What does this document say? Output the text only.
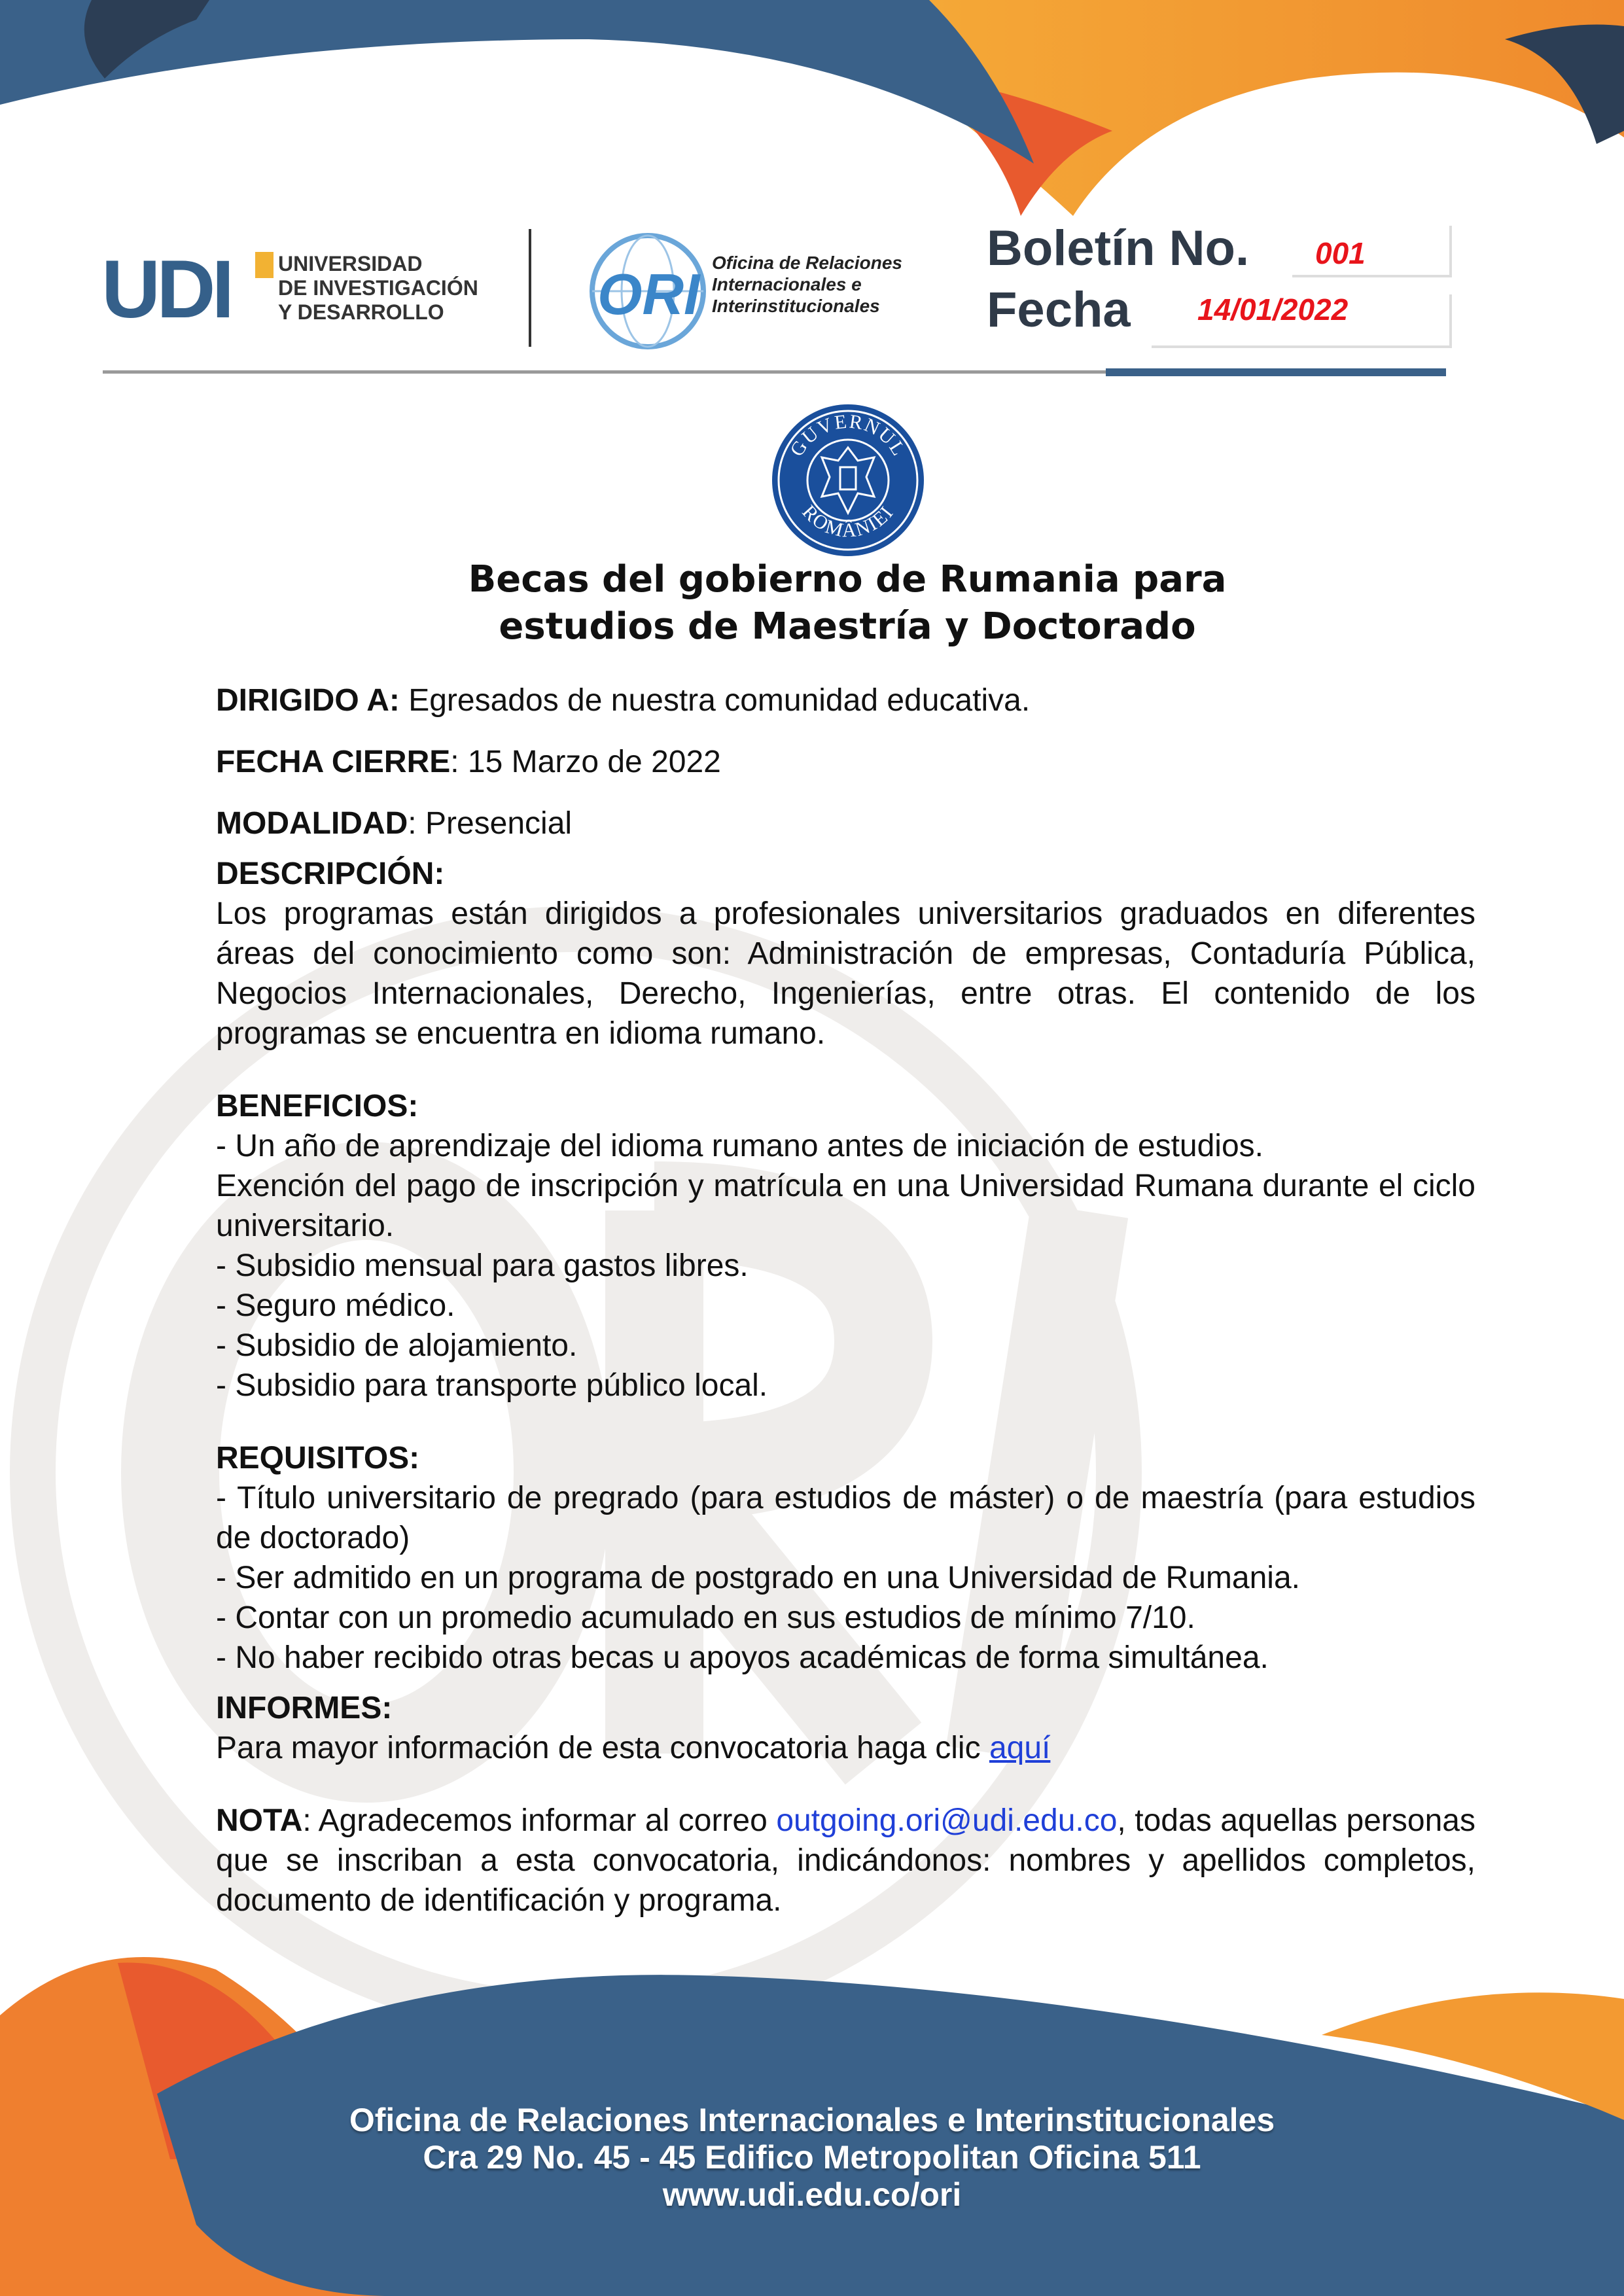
UDI UNIVERSIDAD
DE INVESTIGACIÓN
Y DESARROLLO	ORI Oficina de Relaciones
Internacionales e
Interinstitucionales
Boletín No. 001
Fecha 14/01/2022
GUVERNUL
ROMÂNIEI
Becas del gobierno de Rumania para
estudios de Maestría y Doctorado
DIRIGIDO A: Egresados de nuestra comunidad educativa.
FECHA CIERRE: 15 Marzo de 2022
MODALIDAD: Presencial
DESCRIPCIÓN:
Los programas están dirigidos a profesionales universitarios graduados en diferentes áreas del conocimiento como son: Administración de empresas, Contaduría Pública, Negocios Internacionales, Derecho, Ingenierías, entre otras. El contenido de los programas se encuentra en idioma rumano.
BENEFICIOS:
- Un año de aprendizaje del idioma rumano antes de iniciación de estudios.
Exención del pago de inscripción y matrícula en una Universidad Rumana durante el ciclo universitario.
- Subsidio mensual para gastos libres.
- Seguro médico.
- Subsidio de alojamiento.
- Subsidio para transporte público local.
REQUISITOS:
- Título universitario de pregrado (para estudios de máster) o de maestría (para estudios de doctorado)
- Ser admitido en un programa de postgrado en una Universidad de Rumania.
- Contar con un promedio acumulado en sus estudios de mínimo 7/10.
- No haber recibido otras becas u apoyos académicas de forma simultánea.
INFORMES:
Para mayor información de esta convocatoria haga clic aquí
NOTA: Agradecemos informar al correo outgoing.ori@udi.edu.co, todas aquellas personas que se inscriban a esta convocatoria, indicándonos: nombres y apellidos completos, documento de identificación y programa.
Oficina de Relaciones Internacionales e Interinstitucionales
Cra 29 No. 45 - 45 Edifico Metropolitan Oficina 511
www.udi.edu.co/ori
